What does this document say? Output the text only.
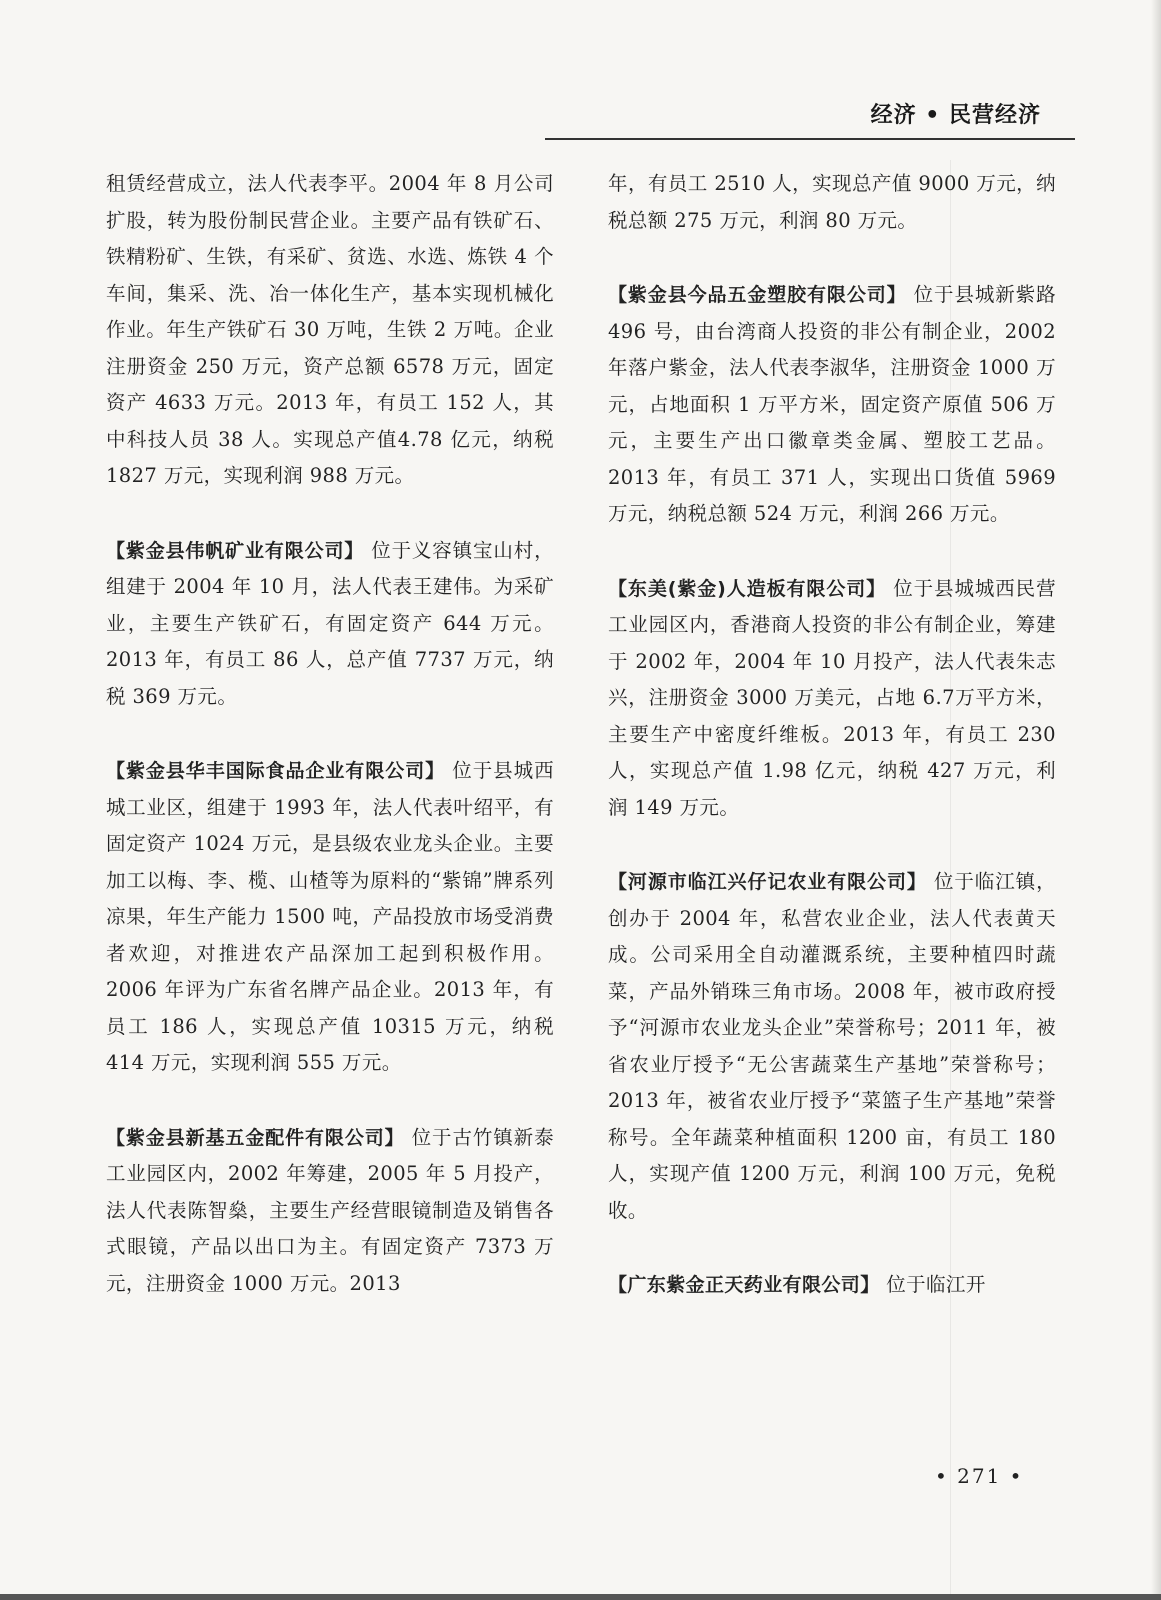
经济 • 民营经济

租赁经营成立，法人代表李平。2004 年 8 月公司扩股，转为股份制民营企业。主要产品有铁矿石、铁精粉矿、生铁，有采矿、贫选、水选、炼铁 4 个车间，集采、洗、冶一体化生产，基本实现机械化作业。年生产铁矿石 30 万吨，生铁 2 万吨。企业注册资金 250 万元，资产总额 6578 万元，固定资产 4633 万元。2013 年，有员工 152 人，其中科技人员 38 人。实现总产值4.78 亿元，纳税 1827 万元，实现利润 988 万元。

【紫金县伟帆矿业有限公司】 位于义容镇宝山村，组建于 2004 年 10 月，法人代表王建伟。为采矿业，主要生产铁矿石，有固定资产 644 万元。2013 年，有员工 86 人，总产值 7737 万元，纳税 369 万元。

【紫金县华丰国际食品企业有限公司】 位于县城西城工业区，组建于 1993 年，法人代表叶绍平，有固定资产 1024 万元，是县级农业龙头企业。主要加工以梅、李、榄、山楂等为原料的“紫锦”牌系列凉果，年生产能力 1500 吨，产品投放市场受消费者欢迎，对推进农产品深加工起到积极作用。2006 年评为广东省名牌产品企业。2013 年，有员工 186 人，实现总产值 10315 万元，纳税 414 万元，实现利润 555 万元。

【紫金县新基五金配件有限公司】 位于古竹镇新泰工业园区内，2002 年筹建，2005 年 5 月投产，法人代表陈智燊，主要生产经营眼镜制造及销售各式眼镜，产品以出口为主。有固定资产 7373 万元，注册资金 1000 万元。2013

年，有员工 2510 人，实现总产值 9000 万元，纳税总额 275 万元，利润 80 万元。

【紫金县今品五金塑胶有限公司】 位于县城新紫路 496 号，由台湾商人投资的非公有制企业，2002 年落户紫金，法人代表李淑华，注册资金 1000 万元，占地面积 1 万平方米，固定资产原值 506 万元，主要生产出口徽章类金属、塑胶工艺品。2013 年，有员工 371 人，实现出口货值 5969 万元，纳税总额 524 万元，利润 266 万元。

【东美(紫金)人造板有限公司】 位于县城城西民营工业园区内，香港商人投资的非公有制企业，筹建于 2002 年，2004 年 10 月投产，法人代表朱志兴，注册资金 3000 万美元，占地 6.7万平方米，主要生产中密度纤维板。2013 年，有员工 230 人，实现总产值 1.98 亿元，纳税 427 万元，利润 149 万元。

【河源市临江兴仔记农业有限公司】 位于临江镇，创办于 2004 年，私营农业企业，法人代表黄天成。公司采用全自动灌溉系统，主要种植四时蔬菜，产品外销珠三角市场。2008 年，被市政府授予“河源市农业龙头企业”荣誉称号；2011 年，被省农业厅授予“无公害蔬菜生产基地”荣誉称号；2013 年，被省农业厅授予“菜篮子生产基地”荣誉称号。全年蔬菜种植面积 1200 亩，有员工 180 人，实现产值 1200 万元，利润 100 万元，免税收。

【广东紫金正天药业有限公司】 位于临江开

• 271 •
